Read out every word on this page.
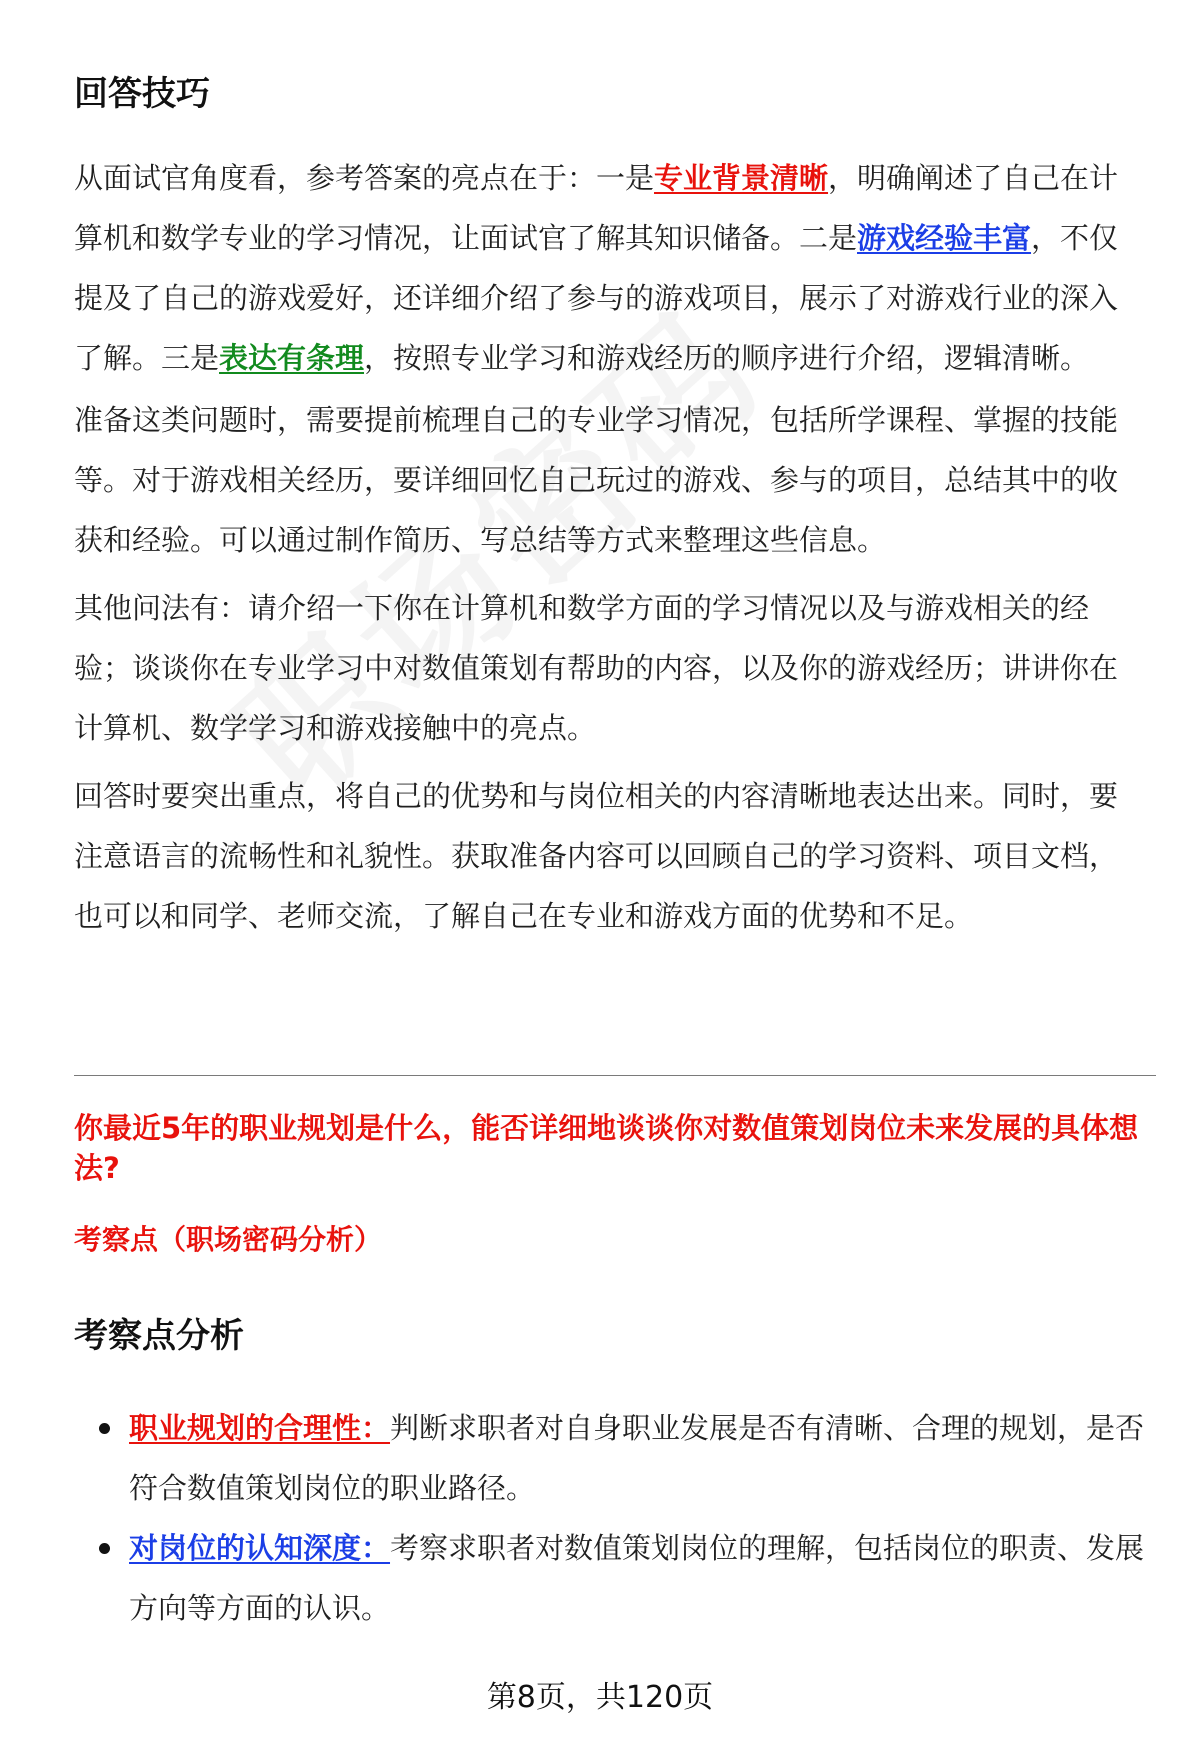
回答技巧
从面试官角度看，参考答案的亮点在于：一是专业背景清晰，明确阐述了自己在计算机和数学专业的学习情况，让面试官了解其知识储备。二是游戏经验丰富，不仅提及了自己的游戏爱好，还详细介绍了参与的游戏项目，展示了对游戏行业的深入了解。三是表达有条理，按照专业学习和游戏经历的顺序进行介绍，逻辑清晰。
准备这类问题时，需要提前梳理自己的专业学习情况，包括所学课程、掌握的技能等。对于游戏相关经历，要详细回忆自己玩过的游戏、参与的项目，总结其中的收获和经验。可以通过制作简历、写总结等方式来整理这些信息。
其他问法有：请介绍一下你在计算机和数学方面的学习情况以及与游戏相关的经验；谈谈你在专业学习中对数值策划有帮助的内容，以及你的游戏经历；讲讲你在计算机、数学学习和游戏接触中的亮点。
回答时要突出重点，将自己的优势和与岗位相关的内容清晰地表达出来。同时，要注意语言的流畅性和礼貌性。获取准备内容可以回顾自己的学习资料、项目文档，也可以和同学、老师交流，了解自己在专业和游戏方面的优势和不足。
你最近5年的职业规划是什么，能否详细地谈谈你对数值策划岗位未来发展的具体想法?
考察点（职场密码分析）
考察点分析
职业规划的合理性：判断求职者对自身职业发展是否有清晰、合理的规划，是否符合数值策划岗位的职业路径。
对岗位的认知深度：考察求职者对数值策划岗位的理解，包括岗位的职责、发展方向等方面的认识。
第8页，共120页
